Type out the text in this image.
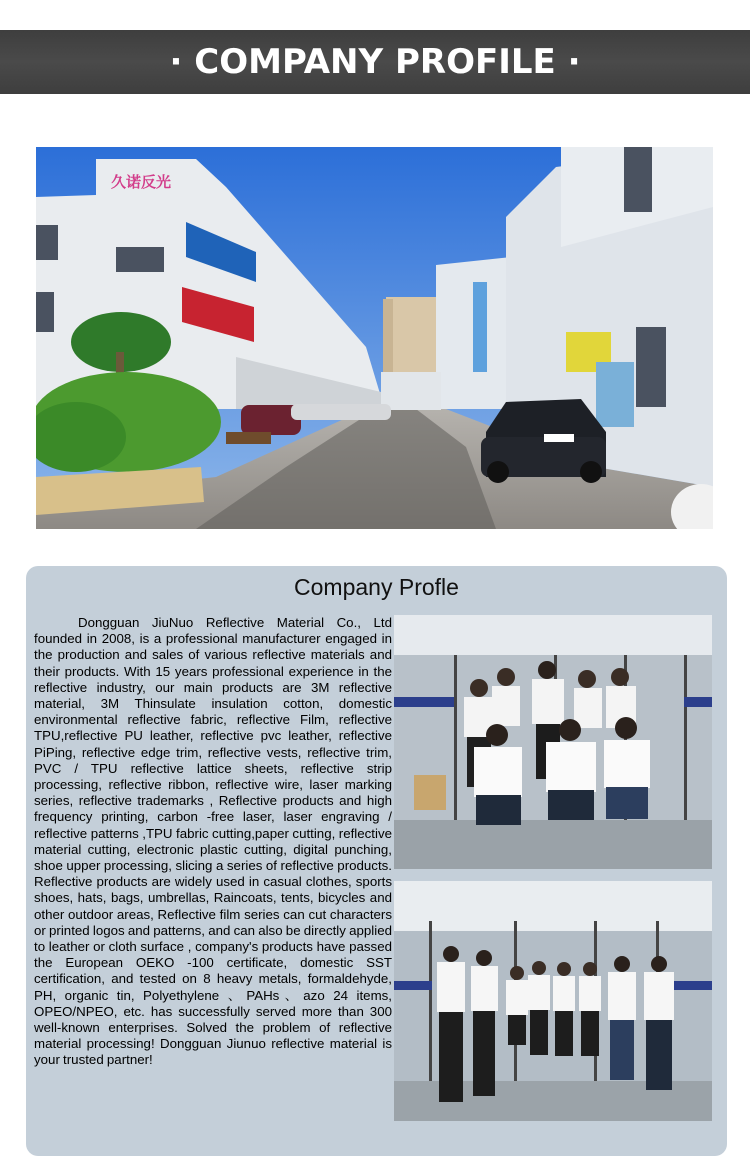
· COMPANY PROFILE ·
久诺反光
Company Profle
Dongguan JiuNuo Reflective Material Co., Ltd founded in 2008, is a professional manufacturer engaged in the production and sales of various reflective materials and their products. With 15 years professional experience in the reflective industry, our main products are 3M reflective material, 3M Thinsulate insulation cotton, domestic environmental reflective fabric, reflective Film, reflective TPU,reflective PU leather, reflective pvc leather, reflective PiPing, reflective edge trim, reflective vests, reflective trim, PVC / TPU reflective lattice sheets, reflective strip processing, reflective ribbon, reflective wire, laser marking series, reflective trademarks , Reflective products and high frequency printing, carbon -free laser, laser engraving / reflective patterns ,TPU fabric cutting,paper cutting, reflective material cutting, electronic plastic cutting, digital punching, shoe upper processing, slicing a series of reflective products. Reflective products are widely used in casual clothes, sports shoes, hats, bags, umbrellas, Raincoats, tents, bicycles and other outdoor areas, Reflective film series can cut characters or printed logos and patterns, and can also be directly applied to leather or cloth surface , company's products have passed the European OEKO -100 certificate, domestic SST certification, and tested on 8 heavy metals, formaldehyde, PH, organic tin, Polyethylene 、PAHs、azo 24 items, OPEO/NPEO, etc. has successfully served more than 300 well-known enterprises. Solved the problem of reflective material processing! Dongguan Jiunuo reflective material is your trusted partner!
